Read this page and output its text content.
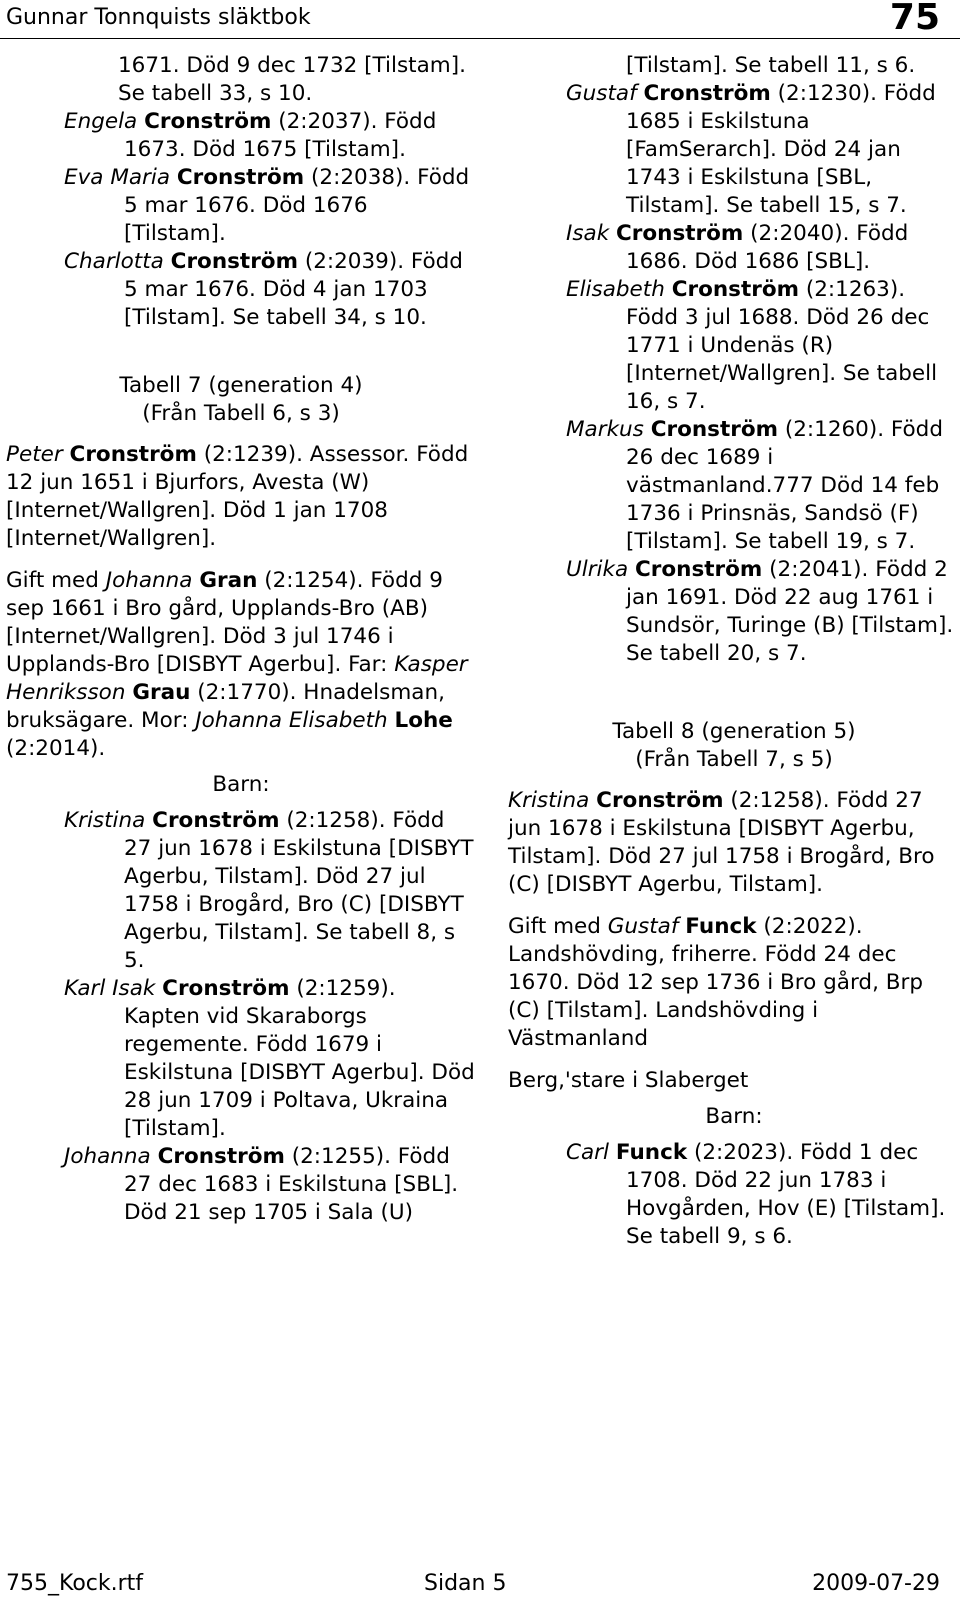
Gunnar Tonnquists släktbok	75

1671. Död 9 dec 1732 [Tilstam]. Se tabell 33, s 10.

Engela Cronström (2:2037). Född 1673. Död 1675 [Tilstam].

Eva Maria Cronström (2:2038). Född 5 mar 1676. Död 1676 [Tilstam].

Charlotta Cronström (2:2039). Född 5 mar 1676. Död 4 jan 1703 [Tilstam]. Se tabell 34, s 10.

Tabell 7 (generation 4)
(Från Tabell 6, s 3)

Peter Cronström (2:1239). Assessor. Född 12 jun 1651 i Bjurfors, Avesta (W) [Internet/Wallgren]. Död 1 jan 1708 [Internet/Wallgren].

Gift med Johanna Gran (2:1254). Född 9 sep 1661 i Bro gård, Upplands-Bro (AB) [Internet/Wallgren]. Död 3 jul 1746 i Upplands-Bro [DISBYT Agerbu]. Far: Kasper Henriksson Grau (2:1770). Hnadelsman, bruksägare. Mor: Johanna Elisabeth Lohe (2:2014).

Barn:

Kristina Cronström (2:1258). Född 27 jun 1678 i Eskilstuna [DISBYT Agerbu, Tilstam]. Död 27 jul 1758 i Brogård, Bro (C) [DISBYT Agerbu, Tilstam]. Se tabell 8, s 5.

Karl Isak Cronström (2:1259). Kapten vid Skaraborgs regemente. Född 1679 i Eskilstuna [DISBYT Agerbu]. Död 28 jun 1709 i Poltava, Ukraina [Tilstam].

Johanna Cronström (2:1255). Född 27 dec 1683 i Eskilstuna [SBL]. Död 21 sep 1705 i Sala (U)

[Tilstam]. Se tabell 11, s 6.

Gustaf Cronström (2:1230). Född 1685 i Eskilstuna [FamSerarch]. Död 24 jan 1743 i Eskilstuna [SBL, Tilstam]. Se tabell 15, s 7.

Isak Cronström (2:2040). Född 1686. Död 1686 [SBL].

Elisabeth Cronström (2:1263). Född 3 jul 1688. Död 26 dec 1771 i Undenäs (R) [Internet/Wallgren]. Se tabell 16, s 7.

Markus Cronström (2:1260). Född 26 dec 1689 i västmanland.777 Död 14 feb 1736 i Prinsnäs, Sandsö (F) [Tilstam]. Se tabell 19, s 7.

Ulrika Cronström (2:2041). Född 2 jan 1691. Död 22 aug 1761 i Sundsör, Turinge (B) [Tilstam]. Se tabell 20, s 7.

Tabell 8 (generation 5)
(Från Tabell 7, s 5)

Kristina Cronström (2:1258). Född 27 jun 1678 i Eskilstuna [DISBYT Agerbu, Tilstam]. Död 27 jul 1758 i Brogård, Bro (C) [DISBYT Agerbu, Tilstam].

Gift med Gustaf Funck (2:2022). Landshövding, friherre. Född 24 dec 1670. Död 12 sep 1736 i Bro gård, Brp (C) [Tilstam]. Landshövding i Västmanland

Berg,'stare i Slaberget

Barn:

Carl Funck (2:2023). Född 1 dec 1708. Död 22 jun 1783 i Hovgården, Hov (E) [Tilstam]. Se tabell 9, s 6.

755_Kock.rtf	Sidan 5	2009-07-29
